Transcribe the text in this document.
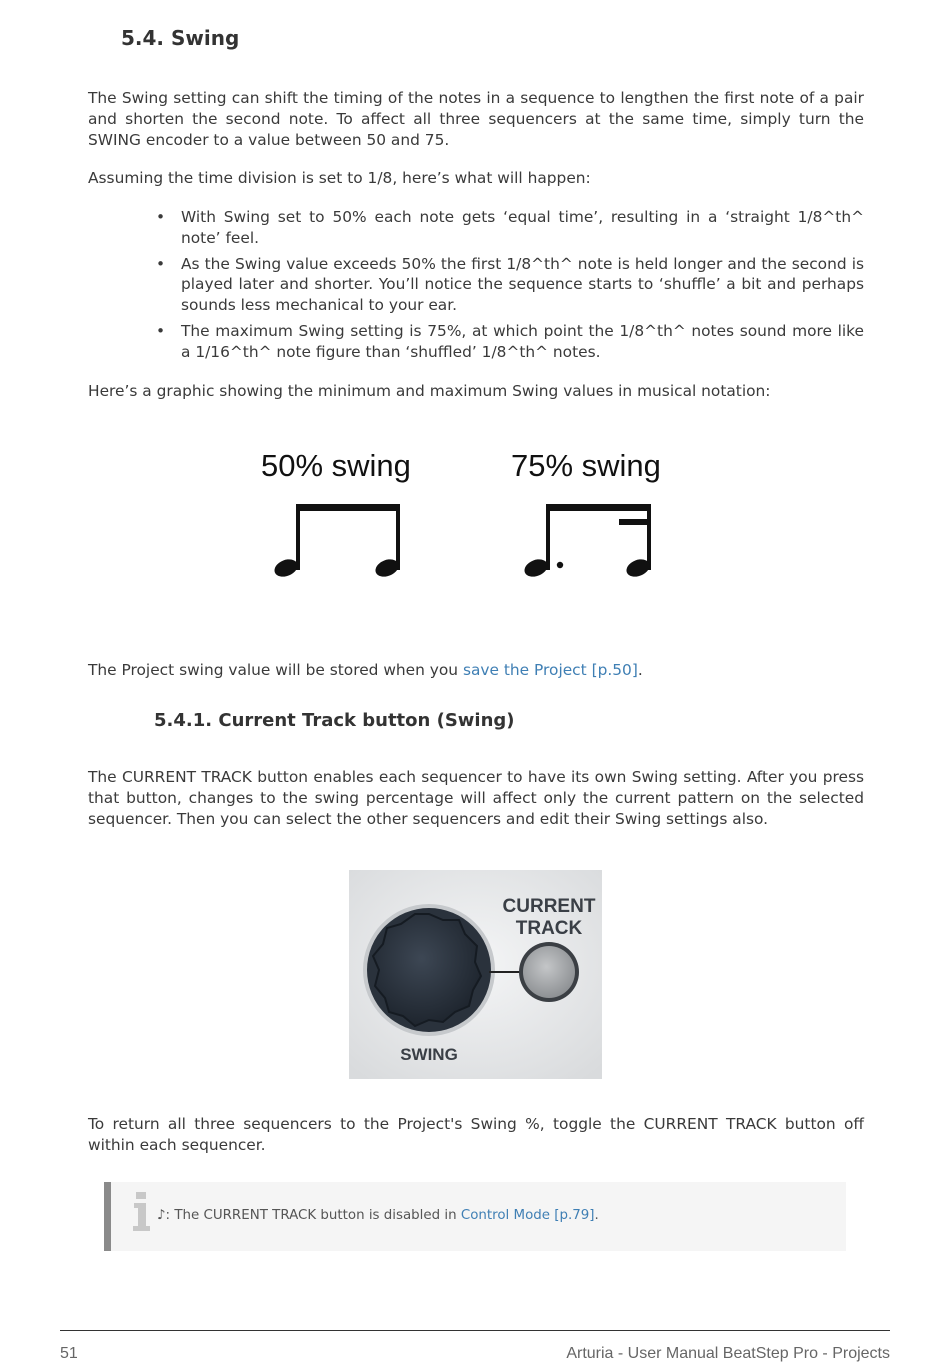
5.4. Swing

The Swing setting can shift the timing of the notes in a sequence to lengthen the first note of a pair and shorten the second note. To affect all three sequencers at the same time, simply turn the SWING encoder to a value between 50 and 75.

Assuming the time division is set to 1/8, here’s what will happen:

• With Swing set to 50% each note gets ‘equal time’, resulting in a ‘straight 1/8^th^ note’ feel.
• As the Swing value exceeds 50% the first 1/8^th^ note is held longer and the second is played later and shorter. You’ll notice the sequence starts to ‘shuffle’ a bit and perhaps sounds less mechanical to your ear.
• The maximum Swing setting is 75%, at which point the 1/8^th^ notes sound more like a 1/16^th^ note figure than ‘shuffled’ 1/8^th^ notes.

Here’s a graphic showing the minimum and maximum Swing values in musical notation:

50% swing	75% swing

The Project swing value will be stored when you save the Project [p.50].

5.4.1. Current Track button (Swing)

The CURRENT TRACK button enables each sequencer to have its own Swing setting. After you press that button, changes to the swing percentage will affect only the current pattern on the selected sequencer. Then you can select the other sequencers and edit their Swing settings also.

CURRENT
TRACK
SWING

To return all three sequencers to the Project's Swing %, toggle the CURRENT TRACK button off within each sequencer.

♪: The CURRENT TRACK button is disabled in Control Mode [p.79].
51	Arturia - User Manual BeatStep Pro - Projects
